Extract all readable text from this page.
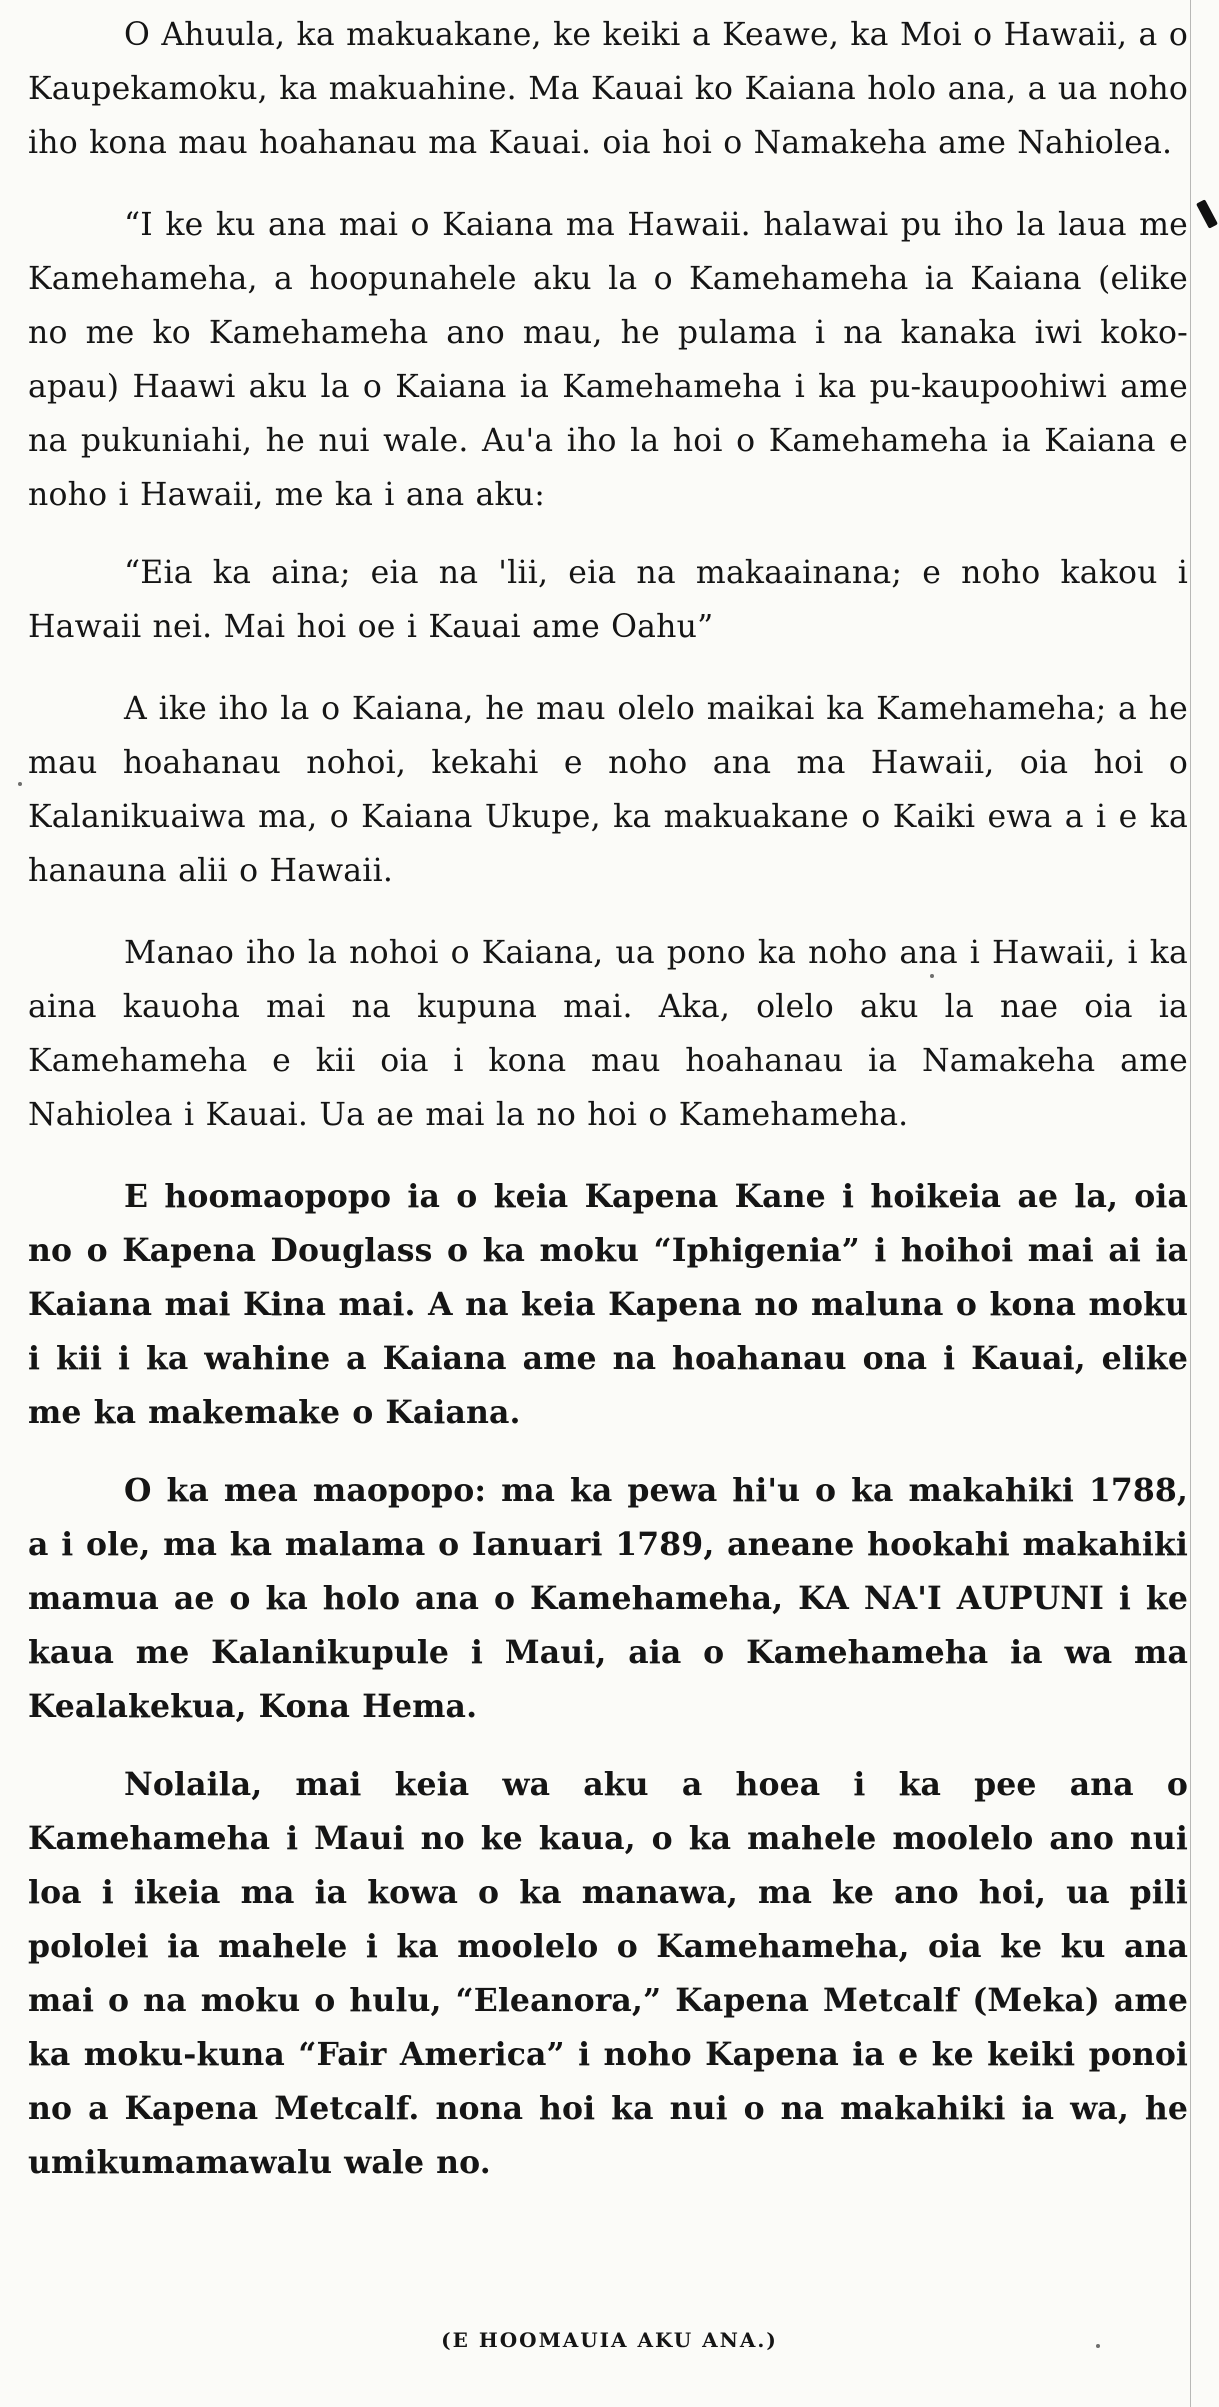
O Ahuula, ka makuakane, ke keiki a Keawe, ka Moi o Hawaii, a o Kaupekamoku, ka makuahine. Ma Kauai ko Kaiana holo ana, a ua noho iho kona mau hoahanau ma Kauai. oia hoi o Namakeha ame Nahiolea.

“I ke ku ana mai o Kaiana ma Hawaii. halawai pu iho la laua me Kamehameha, a hoopunahele aku la o Kamehameha ia Kaiana (elike no me ko Kamehameha ano mau, he pulama i na kanaka iwi koko-apau) Haawi aku la o Kaiana ia Kamehameha i ka pu-kaupoohiwi ame na pukuniahi, he nui wale. Au'a iho la hoi o Kamehameha ia Kaiana e noho i Hawaii, me ka i ana aku:

“Eia ka aina; eia na 'lii, eia na makaainana; e noho kakou i Hawaii nei. Mai hoi oe i Kauai ame Oahu”

A ike iho la o Kaiana, he mau olelo maikai ka Kamehameha; a he mau hoahanau nohoi, kekahi e noho ana ma Hawaii, oia hoi o Kalanikuaiwa ma, o Kaiana Ukupe, ka makuakane o Kaiki ewa a i e ka hanauna alii o Hawaii.

Manao iho la nohoi o Kaiana, ua pono ka noho ana i Hawaii, i ka aina kauoha mai na kupuna mai. Aka, olelo aku la nae oia ia Kamehameha e kii oia i kona mau hoahanau ia Namakeha ame Nahiolea i Kauai. Ua ae mai la no hoi o Kamehameha.

E hoomaopopo ia o keia Kapena Kane i hoikeia ae la, oia no o Kapena Douglass o ka moku “Iphigenia” i hoihoi mai ai ia Kaiana mai Kina mai. A na keia Kapena no maluna o kona moku i kii i ka wahine a Kaiana ame na hoahanau ona i Kauai, elike me ka makemake o Kaiana.

O ka mea maopopo: ma ka pewa hi'u o ka makahiki 1788, a i ole, ma ka malama o Ianuari 1789, aneane hookahi makahiki mamua ae o ka holo ana o Kamehameha, KA NA'I AUPUNI i ke kaua me Kalanikupule i Maui, aia o Kamehameha ia wa ma Kealakekua, Kona Hema.

Nolaila, mai keia wa aku a hoea i ka pee ana o Kamehameha i Maui no ke kaua, o ka mahele moolelo ano nui loa i ikeia ma ia kowa o ka manawa, ma ke ano hoi, ua pili pololei ia mahele i ka moolelo o Kamehameha, oia ke ku ana mai o na moku o hulu, “Eleanora,” Kapena Metcalf (Meka) ame ka moku-kuna “Fair America” i noho Kapena ia e ke keiki ponoi no a Kapena Metcalf. nona hoi ka nui o na makahiki ia wa, he umikumamawalu wale no.

(E HOOMAUIA AKU ANA.)
